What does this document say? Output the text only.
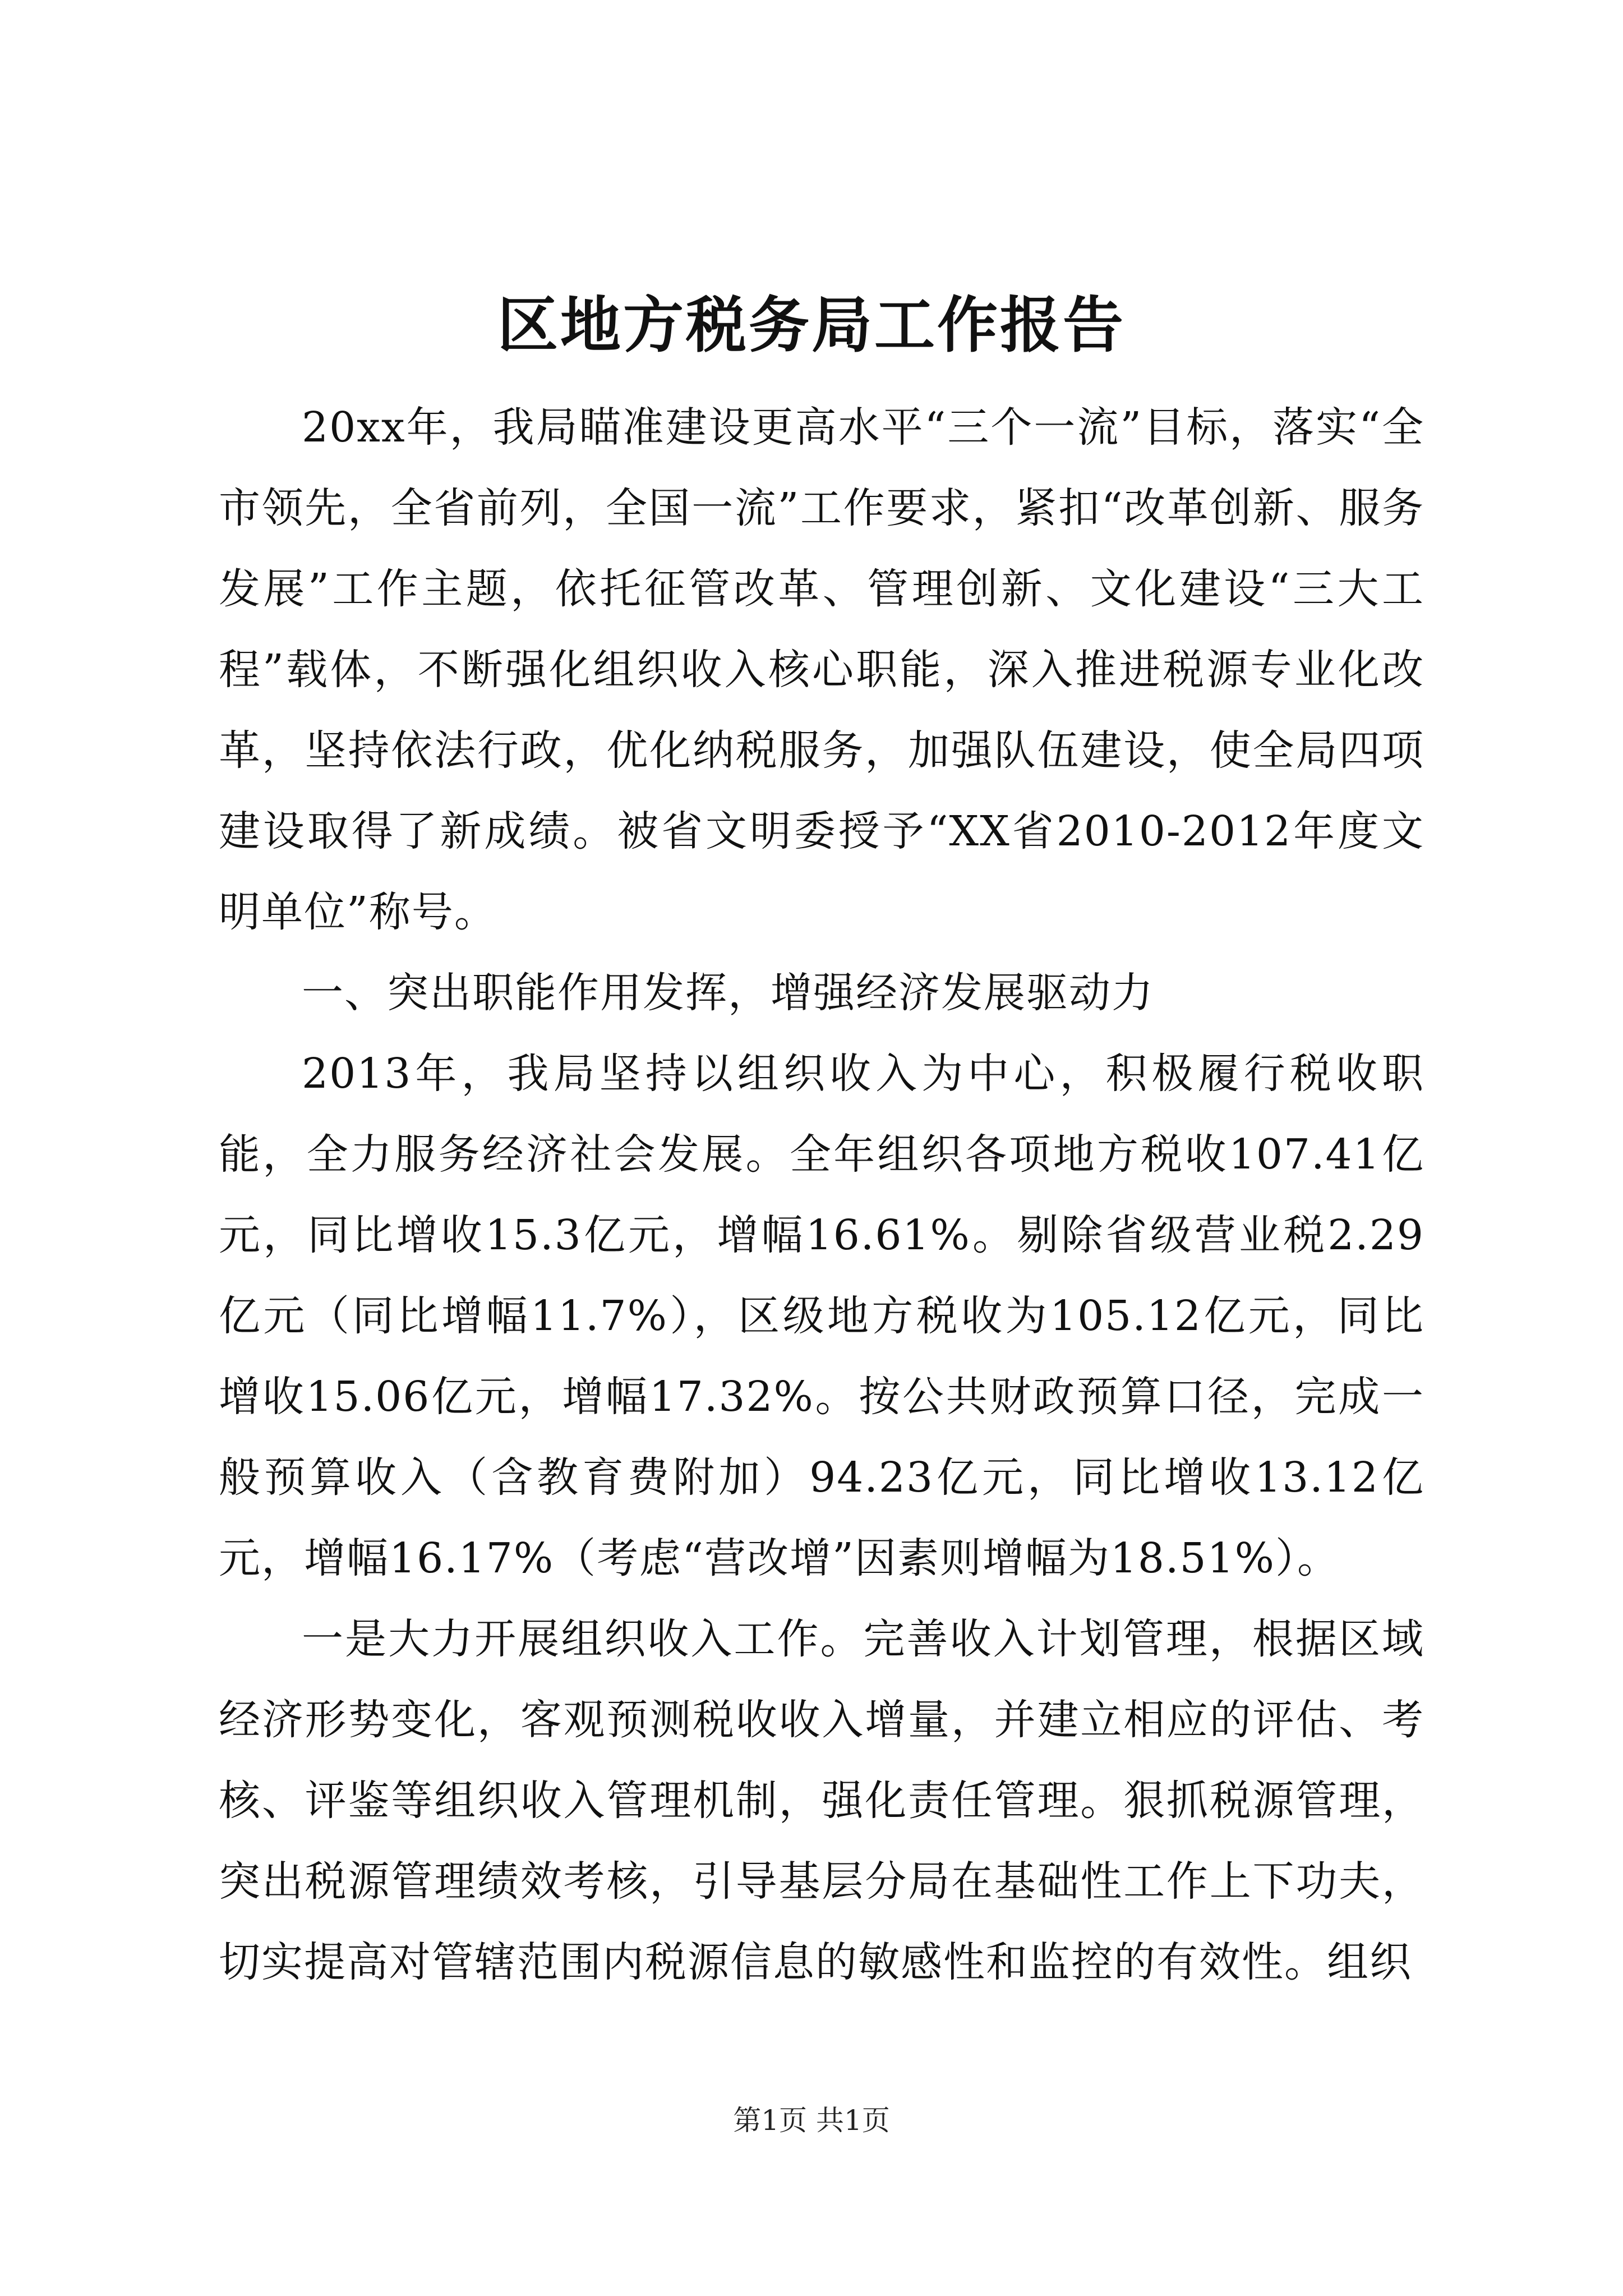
区地方税务局工作报告

20xx年，我局瞄准建设更高水平“三个一流”目标，落实“全市领先，全省前列，全国一流”工作要求，紧扣“改革创新、服务发展”工作主题，依托征管改革、管理创新、文化建设“三大工程”载体，不断强化组织收入核心职能，深入推进税源专业化改革，坚持依法行政，优化纳税服务，加强队伍建设，使全局四项建设取得了新成绩。被省文明委授予“XX省2010-2012年度文明单位”称号。

一、突出职能作用发挥，增强经济发展驱动力

2013年，我局坚持以组织收入为中心，积极履行税收职能，全力服务经济社会发展。全年组织各项地方税收107.41亿元，同比增收15.3亿元，增幅16.61%。剔除省级营业税2.29亿元（同比增幅11.7%），区级地方税收为105.12亿元，同比增收15.06亿元，增幅17.32%。按公共财政预算口径，完成一般预算收入（含教育费附加）94.23亿元，同比增收13.12亿元，增幅16.17%（考虑“营改增”因素则增幅为18.51%）。

一是大力开展组织收入工作。完善收入计划管理，根据区域经济形势变化，客观预测税收收入增量，并建立相应的评估、考核、评鉴等组织收入管理机制，强化责任管理。狠抓税源管理，突出税源管理绩效考核，引导基层分局在基础性工作上下功夫，切实提高对管辖范围内税源信息的敏感性和监控的有效性。组织

第1页 共1页
